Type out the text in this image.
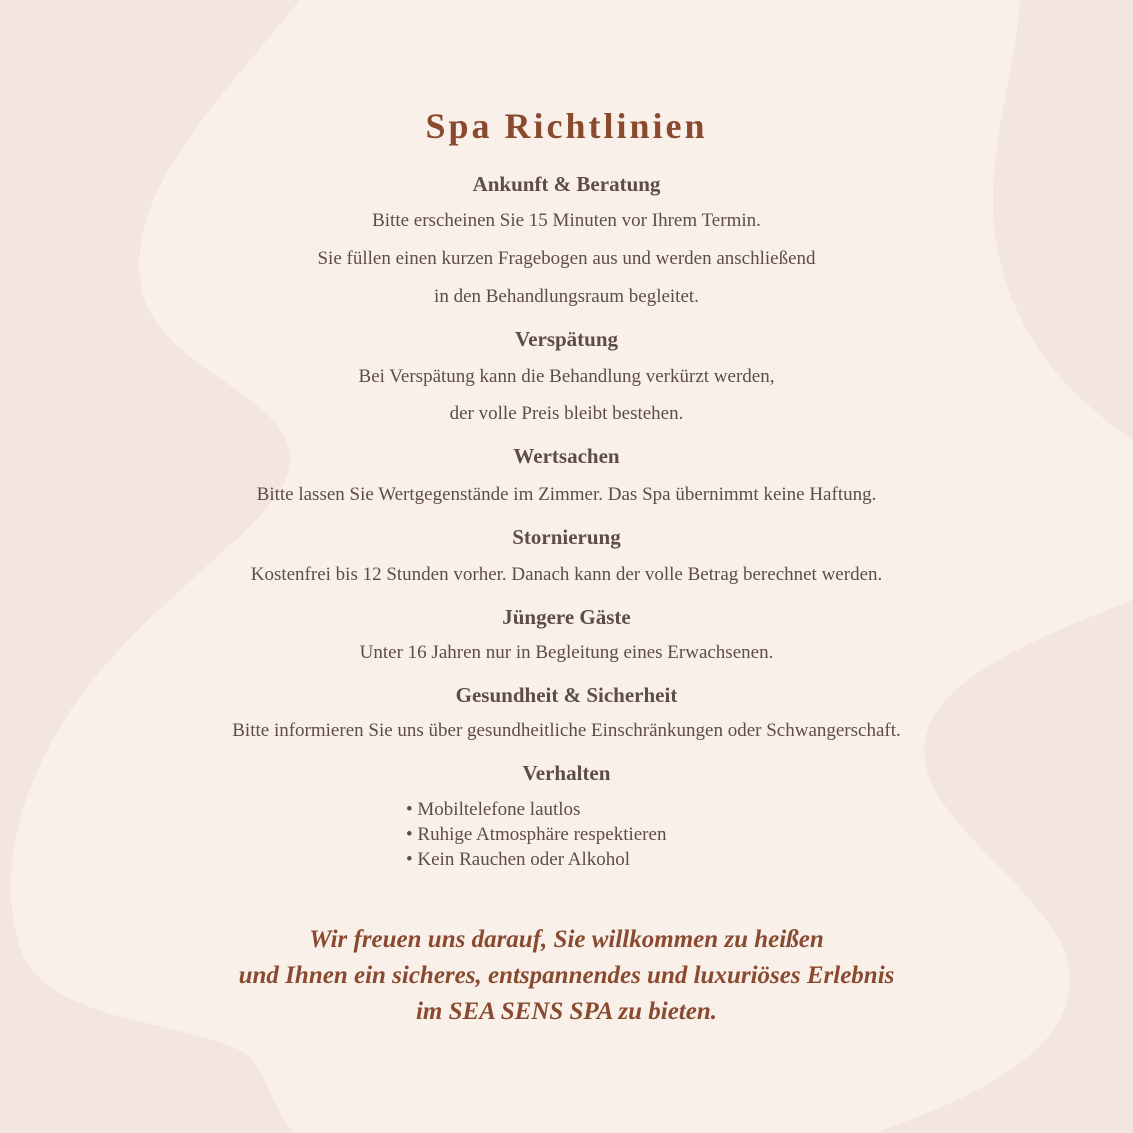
Spa Richtlinien
Ankunft & Beratung
Bitte erscheinen Sie 15 Minuten vor Ihrem Termin.
Sie füllen einen kurzen Fragebogen aus und werden anschließend
in den Behandlungsraum begleitet.
Verspätung
Bei Verspätung kann die Behandlung verkürzt werden,
der volle Preis bleibt bestehen.
Wertsachen
Bitte lassen Sie Wertgegenstände im Zimmer. Das Spa übernimmt keine Haftung.
Stornierung
Kostenfrei bis 12 Stunden vorher. Danach kann der volle Betrag berechnet werden.
Jüngere Gäste
Unter 16 Jahren nur in Begleitung eines Erwachsenen.
Gesundheit & Sicherheit
Bitte informieren Sie uns über gesundheitliche Einschränkungen oder Schwangerschaft.
Verhalten
• Mobiltelefone lautlos
• Ruhige Atmosphäre respektieren
• Kein Rauchen oder Alkohol
Wir freuen uns darauf, Sie willkommen zu heißen
und Ihnen ein sicheres, entspannendes und luxuriöses Erlebnis
im SEA SENS SPA zu bieten.
